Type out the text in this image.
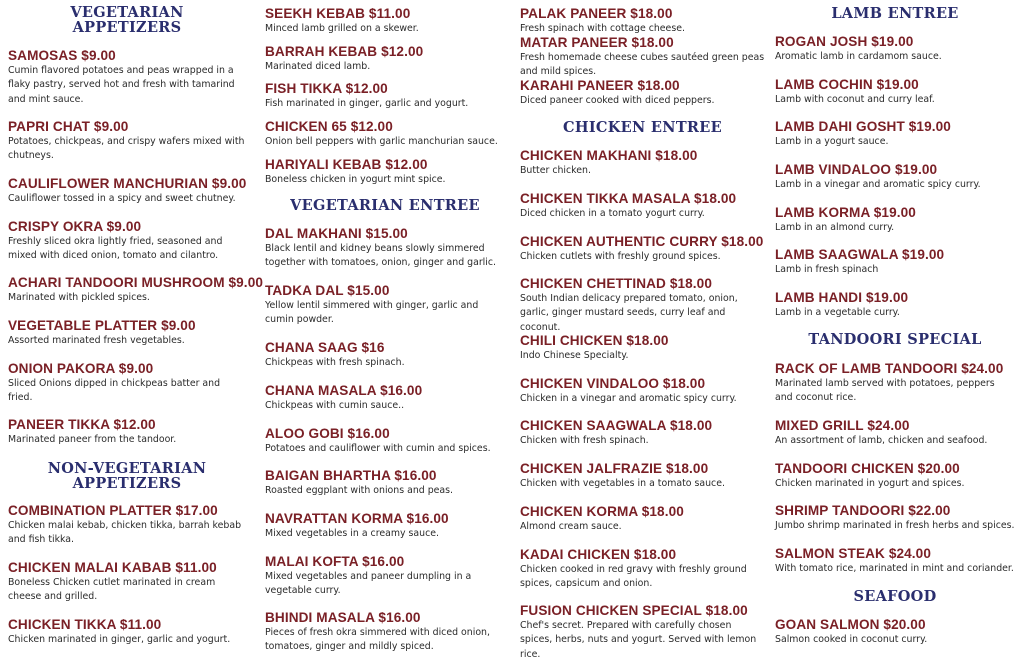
VEGETARIAN
APPETIZERS
SAMOSAS $9.00
Cumin flavored potatoes and peas wrapped in a flaky pastry, served hot and fresh with tamarind and mint sauce.
PAPRI CHAT $9.00
Potatoes, chickpeas, and crispy wafers mixed with chutneys.
CAULIFLOWER MANCHURIAN $9.00
Cauliflower tossed in a spicy and sweet chutney.
CRISPY OKRA $9.00
Freshly sliced okra lightly fried, seasoned and mixed with diced onion, tomato and cilantro.
ACHARI TANDOORI MUSHROOM $9.00
Marinated with pickled spices.
VEGETABLE PLATTER $9.00
Assorted marinated fresh vegetables.
ONION PAKORA $9.00
Sliced Onions dipped in chickpeas batter and fried.
PANEER TIKKA $12.00
Marinated paneer from the tandoor.
NON-VEGETARIAN
APPETIZERS
COMBINATION PLATTER $17.00
Chicken malai kebab, chicken tikka, barrah kebab and fish tikka.
CHICKEN MALAI KABAB $11.00
Boneless Chicken cutlet marinated in cream cheese and grilled.
CHICKEN TIKKA $11.00
Chicken marinated in ginger, garlic and yogurt.
SEEKH KEBAB $11.00
Minced lamb grilled on a skewer.
BARRAH KEBAB $12.00
Marinated diced lamb.
FISH TIKKA $12.00
Fish marinated in ginger, garlic and yogurt.
CHICKEN 65 $12.00
Onion bell peppers with garlic manchurian sauce.
HARIYALI KEBAB $12.00
Boneless chicken in yogurt mint spice.
VEGETARIAN ENTREE
DAL MAKHANI $15.00
Black lentil and kidney beans slowly simmered together with tomatoes, onion, ginger and garlic.
TADKA DAL $15.00
Yellow lentil simmered with ginger, garlic and cumin powder.
CHANA SAAG $16
Chickpeas with fresh spinach.
CHANA MASALA $16.00
Chickpeas with cumin sauce..
ALOO GOBI $16.00
Potatoes and cauliflower with cumin and spices.
BAIGAN BHARTHA $16.00
Roasted eggplant with onions and peas.
NAVRATTAN KORMA $16.00
Mixed vegetables in a creamy sauce.
MALAI KOFTA $16.00
Mixed vegetables and paneer dumpling in a vegetable curry.
BHINDI MASALA $16.00
Pieces of fresh okra simmered with diced onion, tomatoes, ginger and mildly spiced.
PALAK PANEER $18.00
Fresh spinach with cottage cheese.
MATAR PANEER $18.00
Fresh homemade cheese cubes sautéed green peas and mild spices.
KARAHI PANEER $18.00
Diced paneer cooked with diced peppers.
CHICKEN ENTREE
CHICKEN MAKHANI $18.00
Butter chicken.
CHICKEN TIKKA MASALA $18.00
Diced chicken in a tomato yogurt curry.
CHICKEN AUTHENTIC CURRY $18.00
Chicken cutlets with freshly ground spices.
CHICKEN CHETTINAD $18.00
South Indian delicacy prepared tomato, onion, garlic, ginger mustard seeds, curry leaf and coconut.
CHILI CHICKEN $18.00
Indo Chinese Specialty.
CHICKEN VINDALOO $18.00
Chicken in a vinegar and aromatic spicy curry.
CHICKEN SAAGWALA $18.00
Chicken with fresh spinach.
CHICKEN JALFRAZIE $18.00
Chicken with vegetables in a tomato sauce.
CHICKEN KORMA $18.00
Almond cream sauce.
KADAI CHICKEN $18.00
Chicken cooked in red gravy with freshly ground spices, capsicum and onion.
FUSION CHICKEN SPECIAL $18.00
Chef's secret. Prepared with carefully chosen spices, herbs, nuts and yogurt. Served with lemon rice.
LAMB ENTREE
ROGAN JOSH $19.00
Aromatic lamb in cardamom sauce.
LAMB COCHIN $19.00
Lamb with coconut and curry leaf.
LAMB DAHI GOSHT $19.00
Lamb in a yogurt sauce.
LAMB VINDALOO $19.00
Lamb in a vinegar and aromatic spicy curry.
LAMB KORMA $19.00
Lamb in an almond curry.
LAMB SAAGWALA $19.00
Lamb in fresh spinach
LAMB HANDI $19.00
Lamb in a vegetable curry.
TANDOORI SPECIAL
RACK OF LAMB TANDOORI $24.00
Marinated lamb served with potatoes, peppers and coconut rice.
MIXED GRILL $24.00
An assortment of lamb, chicken and seafood.
TANDOORI CHICKEN $20.00
Chicken marinated in yogurt and spices.
SHRIMP TANDOORI $22.00
Jumbo shrimp marinated in fresh herbs and spices.
SALMON STEAK $24.00
With tomato rice, marinated in mint and coriander.
SEAFOOD
GOAN SALMON $20.00
Salmon cooked in coconut curry.
